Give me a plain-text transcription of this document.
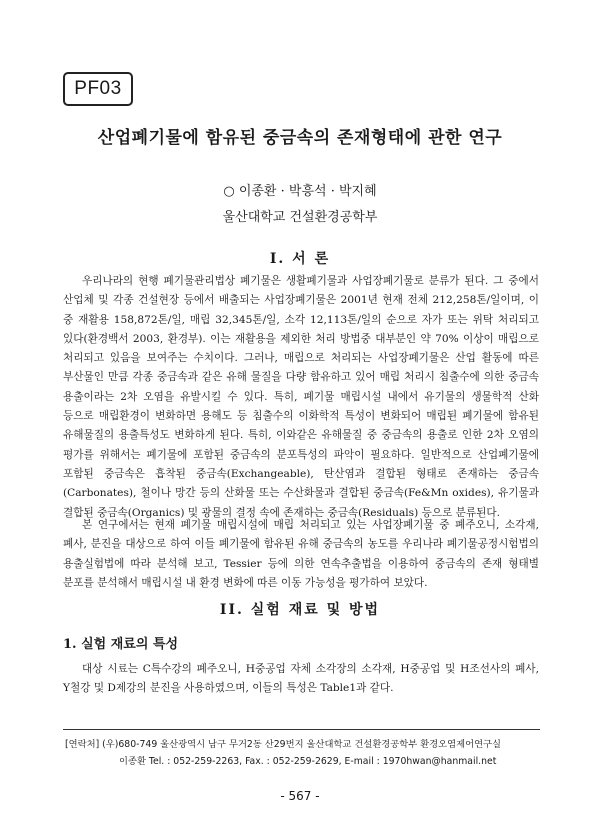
PF03
산업폐기물에 함유된 중금속의 존재형태에 관한 연구
○ 이종환 · 박흥석 · 박지혜
울산대학교 건설환경공학부
I. 서 론

우리나라의 현행 폐기물관리법상 폐기물은 생활폐기물과 사업장폐기물로 분류가 된다. 그 중에서 산업체 및 각종 건설현장 등에서 배출되는 사업장폐기물은 2001년 현재 전체 212,258톤/일이며, 이 중 재활용 158,872톤/일, 매립 32,345톤/일, 소각 12,113톤/일의 순으로 자가 또는 위탁 처리되고 있다(환경백서 2003, 환경부). 이는 재활용을 제외한 처리 방법중 대부분인 약 70% 이상이 매립으로 처리되고 있음을 보여주는 수치이다. 그러나, 매립으로 처리되는 사업장폐기물은 산업 활동에 따른 부산물인 만큼 각종 중금속과 같은 유해 물질을 다량 함유하고 있어 매립 처리시 침출수에 의한 중금속 용출이라는 2차 오염을 유발시킬 수 있다. 특히, 폐기물 매립시설 내에서 유기물의 생물학적 산화 등으로 매립환경이 변화하면 용해도 등 침출수의 이화학적 특성이 변화되어 매립된 폐기물에 함유된 유해물질의 용출특성도 변화하게 된다. 특히, 이와같은 유해물질 중 중금속의 용출로 인한 2차 오염의 평가를 위해서는 폐기물에 포함된 중금속의 분포특성의 파악이 필요하다. 일반적으로 산업폐기물에 포함된 중금속은 흡착된 중금속(Exchangeable), 탄산염과 결합된 형태로 존재하는 중금속(Carbonates), 철이나 망간 등의 산화물 또는 수산화물과 결합된 중금속(Fe&Mn oxides), 유기물과 결합된 중금속(Organics) 및 광물의 결정 속에 존재하는 중금속(Residuals) 등으로 분류된다.

본 연구에서는 현재 폐기물 매립시설에 매립 처리되고 있는 사업장폐기물 중 폐주오니, 소각재, 폐사, 분진을 대상으로 하여 이들 폐기물에 함유된 유해 중금속의 농도를 우리나라 폐기물공정시험법의 용출실험법에 따라 분석해 보고, Tessier 등에 의한 연속추출법을 이용하여 중금속의 존재 형태별 분포를 분석해서 매립시설 내 환경 변화에 따른 이동 가능성을 평가하여 보았다.

II. 실험 재료 및 방법
1. 실험 재료의 특성

대상 시료는 C특수강의 폐주오니, H중공업 자체 소각장의 소각재, H중공업 및 H조선사의 폐사, Y철강 및 D제강의 분진을 사용하였으며, 이들의 특성은 Table1과 같다.

[연락처] (우)680-749 울산광역시 남구 무거2동 산29번지 울산대학교 건설환경공학부 환경오염제어연구실
이종환 Tel. : 052-259-2263, Fax. : 052-259-2629, E-mail : 1970hwan@hanmail.net

- 567 -
